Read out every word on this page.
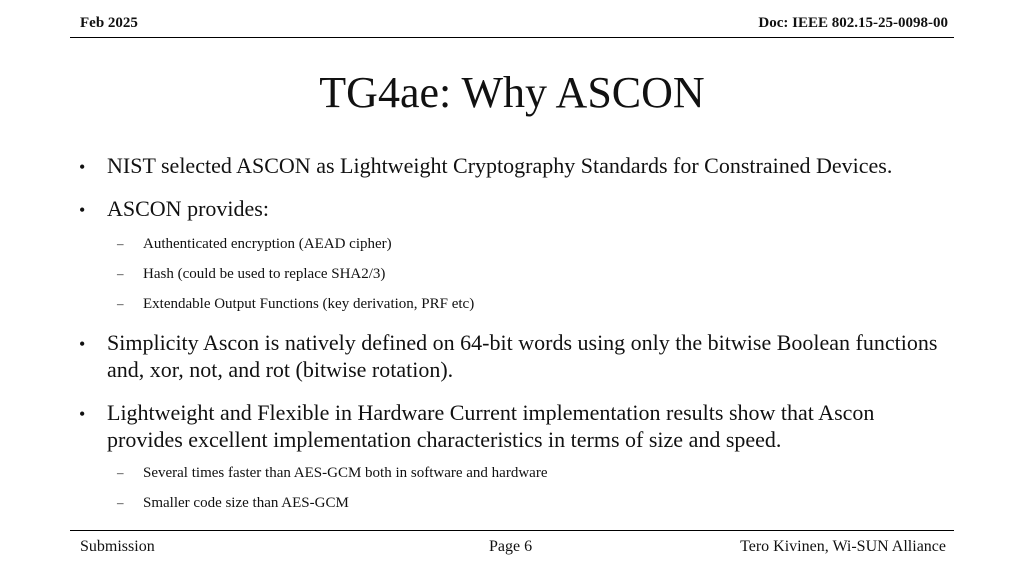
Feb 2025	Doc: IEEE 802.15-25-0098-00
TG4ae: Why ASCON
• NIST selected ASCON as Lightweight Cryptography Standards for Constrained Devices.
• ASCON provides:
– Authenticated encryption (AEAD cipher)
– Hash (could be used to replace SHA2/3)
– Extendable Output Functions (key derivation, PRF etc)
• Simplicity Ascon is natively defined on 64-bit words using only the bitwise Boolean functions and, xor, not, and rot (bitwise rotation).
• Lightweight and Flexible in Hardware Current implementation results show that Ascon provides excellent implementation characteristics in terms of size and speed.
– Several times faster than AES-GCM both in software and hardware
– Smaller code size than AES-GCM
Submission	Page 6	Tero Kivinen, Wi-SUN Alliance
